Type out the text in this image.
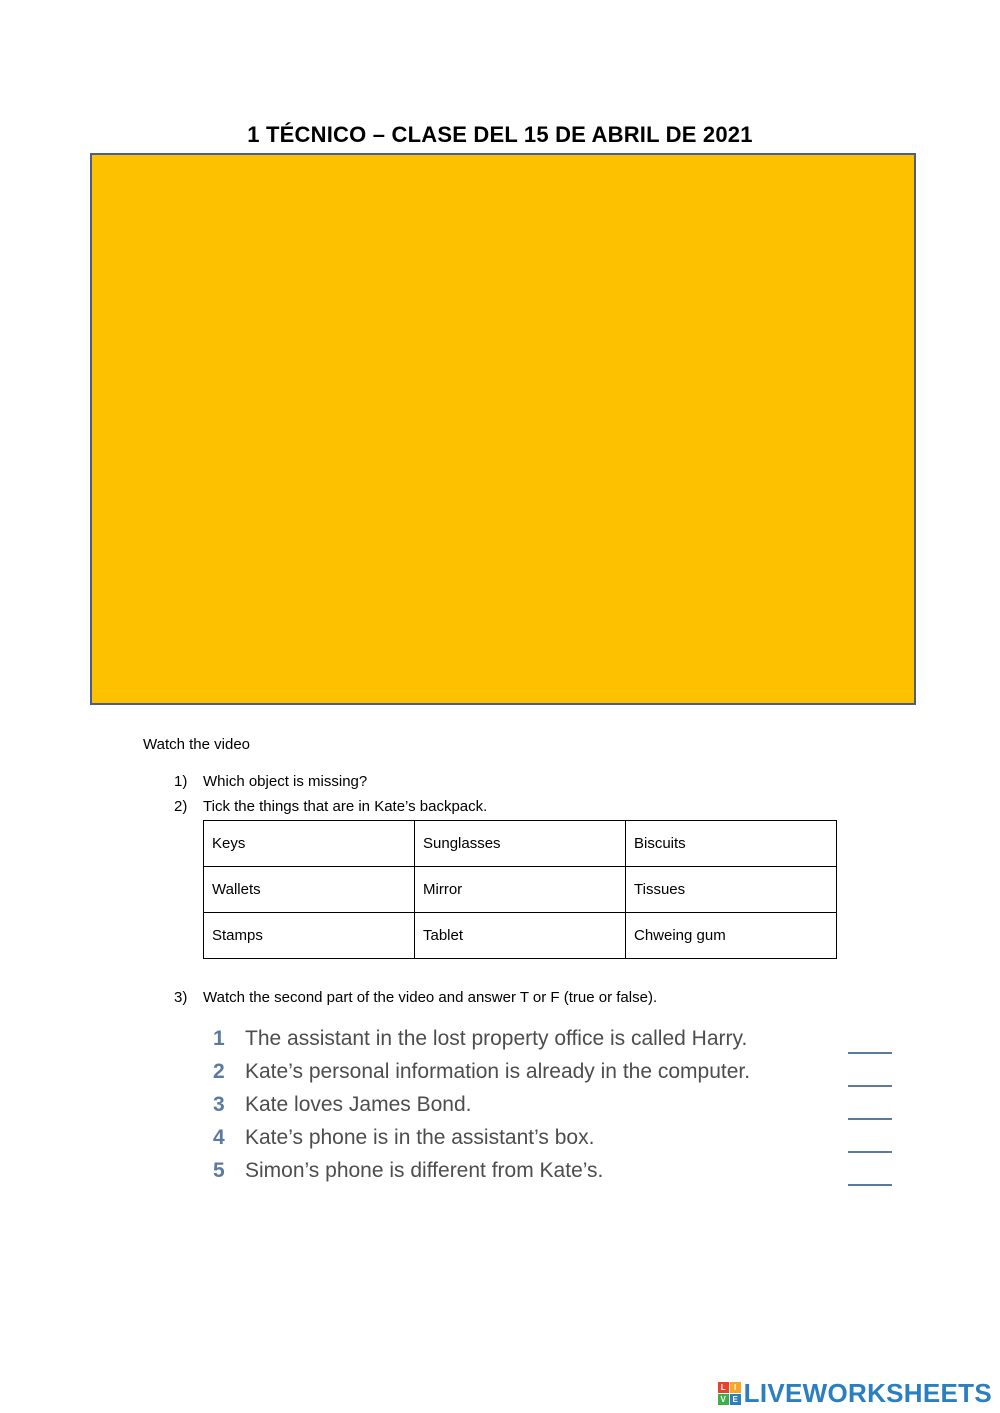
1 TÉCNICO – CLASE DEL 15 DE ABRIL DE 2021
Watch the video
1) Which object is missing?
2) Tick the things that are in Kate’s backpack.
Keys	Sunglasses	Biscuits
Wallets	Mirror	Tissues
Stamps	Tablet	Chweing gum
3) Watch the second part of the video and answer T or F (true or false).
1 The assistant in the lost property office is called Harry.
2 Kate’s personal information is already in the computer.
3 Kate loves James Bond.
4 Kate’s phone is in the assistant’s box.
5 Simon’s phone is different from Kate’s.
L	I
V E LIVEWORKSHEETS
